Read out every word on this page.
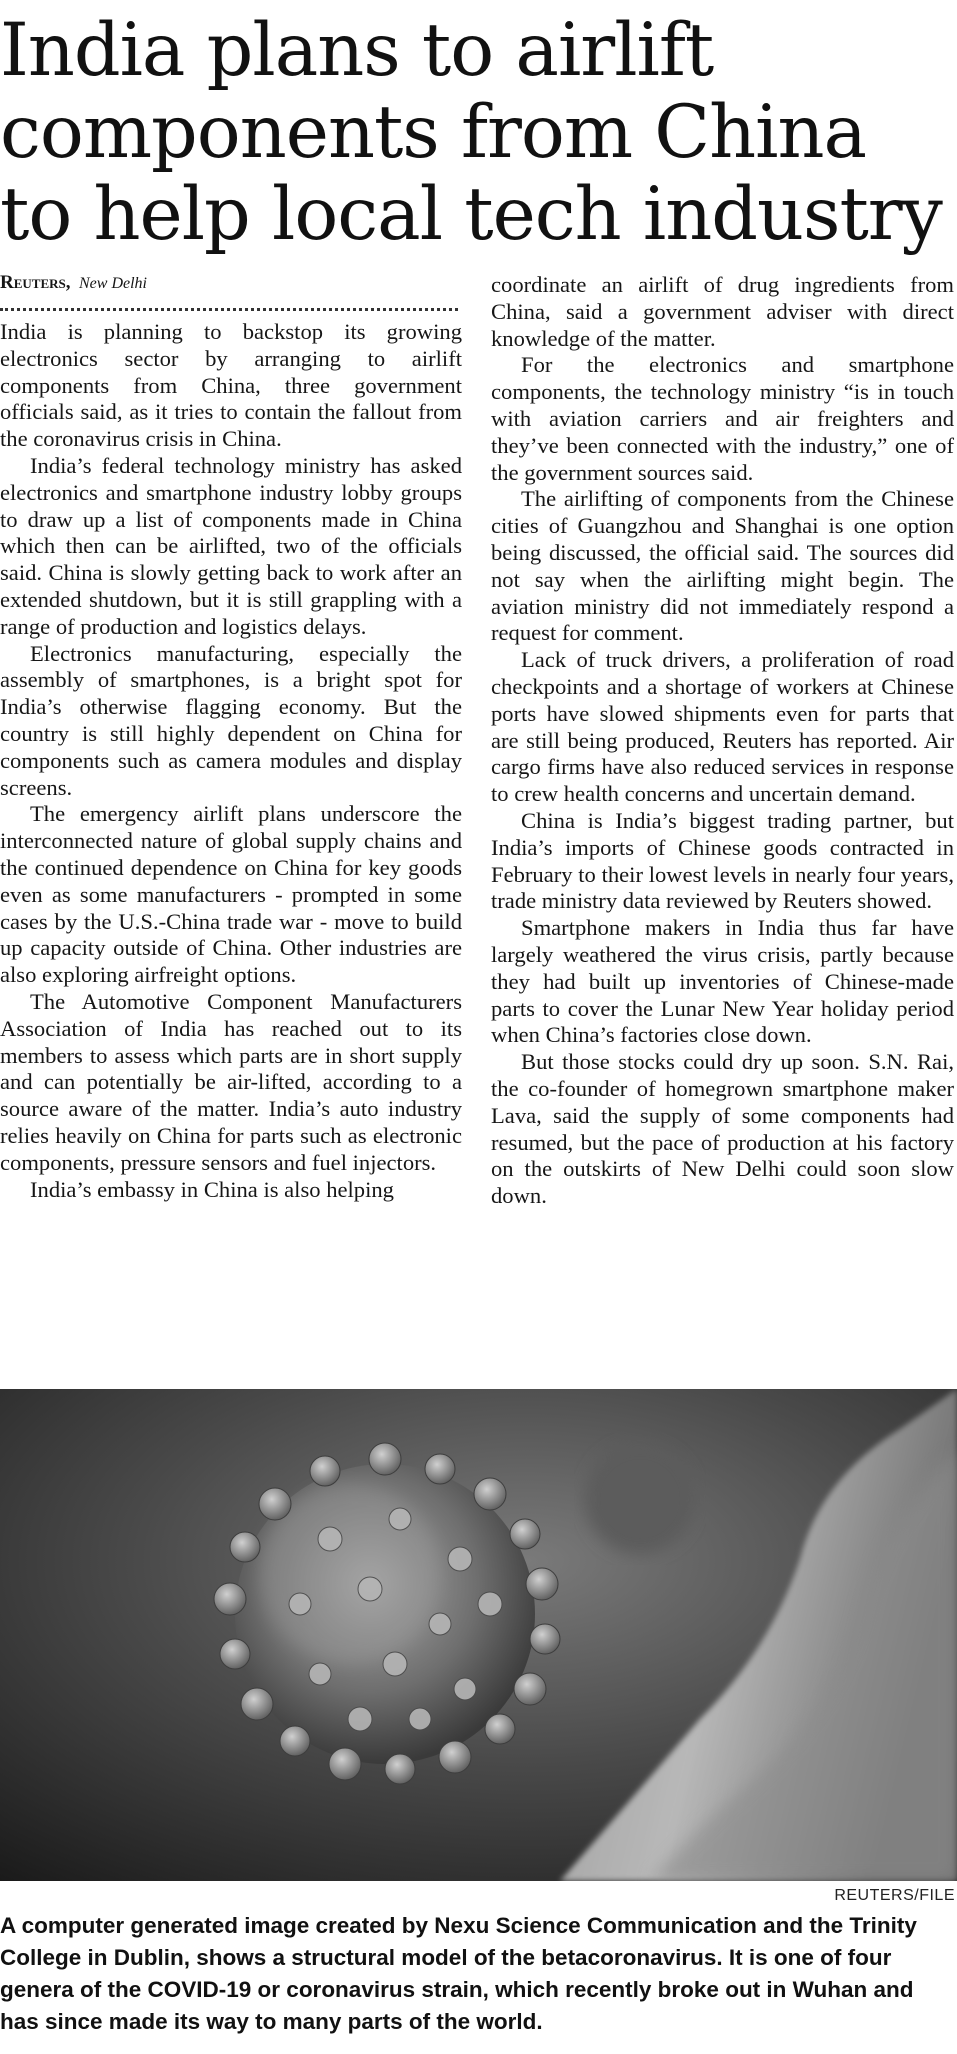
India plans to airlift components from China to help local tech industry
Reuters, New Delhi

India is planning to backstop its growing electronics sector by arranging to airlift components from China, three government officials said, as it tries to contain the fallout from the coronavirus crisis in China.

India’s federal technology ministry has asked electronics and smartphone industry lobby groups to draw up a list of components made in China which then can be airlifted, two of the officials said. China is slowly getting back to work after an extended shutdown, but it is still grappling with a range of production and logistics delays.

Electronics manufacturing, especially the assembly of smartphones, is a bright spot for India’s otherwise flagging economy. But the country is still highly dependent on China for components such as camera modules and display screens.

The emergency airlift plans underscore the interconnected nature of global supply chains and the continued dependence on China for key goods even as some manufacturers - prompted in some cases by the U.S.-China trade war - move to build up capacity outside of China. Other industries are also exploring airfreight options.

The Automotive Component Manufacturers Association of India has reached out to its members to assess which parts are in short supply and can potentially be air-lifted, according to a source aware of the matter. India’s auto industry relies heavily on China for parts such as electronic components, pressure sensors and fuel injectors.

India’s embassy in China is also helping

coordinate an airlift of drug ingredients from China, said a government adviser with direct knowledge of the matter.

For the electronics and smartphone components, the technology ministry “is in touch with aviation carriers and air freighters and they’ve been connected with the industry,” one of the government sources said.

The airlifting of components from the Chinese cities of Guangzhou and Shanghai is one option being discussed, the official said. The sources did not say when the airlifting might begin. The aviation ministry did not immediately respond a request for comment.

Lack of truck drivers, a proliferation of road checkpoints and a shortage of workers at Chinese ports have slowed shipments even for parts that are still being produced, Reuters has reported. Air cargo firms have also reduced services in response to crew health concerns and uncertain demand.

China is India’s biggest trading partner, but India’s imports of Chinese goods contracted in February to their lowest levels in nearly four years, trade ministry data reviewed by Reuters showed.

Smartphone makers in India thus far have largely weathered the virus crisis, partly because they had built up inventories of Chinese-made parts to cover the Lunar New Year holiday period when China’s factories close down.

But those stocks could dry up soon. S.N. Rai, the co-founder of homegrown smartphone maker Lava, said the supply of some components had resumed, but the pace of production at his factory on the outskirts of New Delhi could soon slow down.

REUTERS/FILE

A computer generated image created by Nexu Science Communication and the Trinity College in Dublin, shows a structural model of the betacoronavirus. It is one of four genera of the COVID-19 or coronavirus strain, which recently broke out in Wuhan and has since made its way to many parts of the world.
